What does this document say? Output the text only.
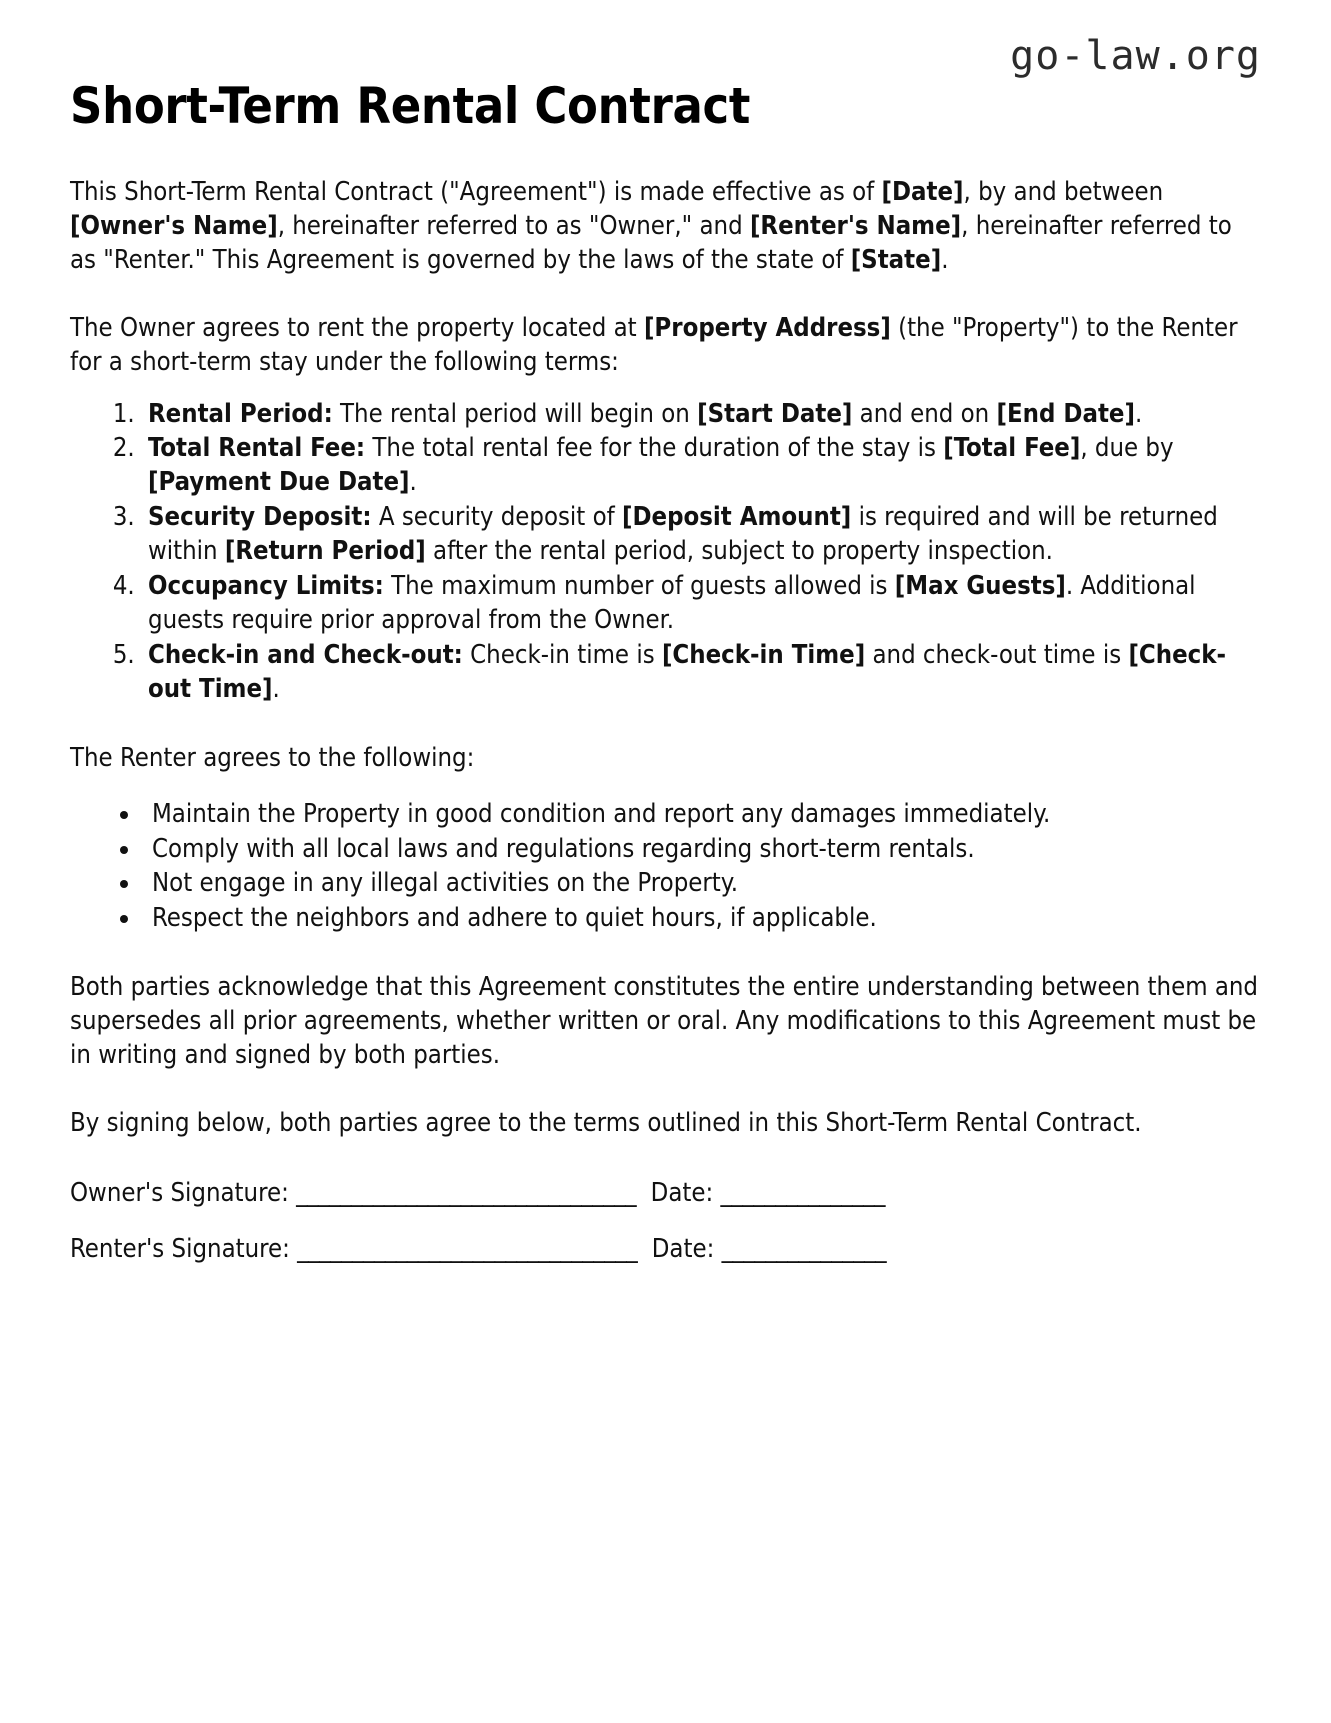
go-law.org
Short-Term Rental Contract

This Short-Term Rental Contract ("Agreement") is made effective as of [Date], by and between [Owner's Name], hereinafter referred to as "Owner," and [Renter's Name], hereinafter referred to as "Renter." This Agreement is governed by the laws of the state of [State].

The Owner agrees to rent the property located at [Property Address] (the "Property") to the Renter for a short-term stay under the following terms:

1. Rental Period: The rental period will begin on [Start Date] and end on [End Date].
2. Total Rental Fee: The total rental fee for the duration of the stay is [Total Fee], due by [Payment Due Date].
3. Security Deposit: A security deposit of [Deposit Amount] is required and will be returned within [Return Period] after the rental period, subject to property inspection.
4. Occupancy Limits: The maximum number of guests allowed is [Max Guests]. Additional guests require prior approval from the Owner.
5. Check-in and Check-out: Check-in time is [Check-in Time] and check-out time is [Check-out Time].

The Renter agrees to the following:

• Maintain the Property in good condition and report any damages immediately.
• Comply with all local laws and regulations regarding short-term rentals.
• Not engage in any illegal activities on the Property.
• Respect the neighbors and adhere to quiet hours, if applicable.

Both parties acknowledge that this Agreement constitutes the entire understanding between them and supersedes all prior agreements, whether written or oral. Any modifications to this Agreement must be in writing and signed by both parties.

By signing below, both parties agree to the terms outlined in this Short-Term Rental Contract.

Owner's Signature: _______________________________  Date: _______________
Renter's Signature: _______________________________  Date: _______________
